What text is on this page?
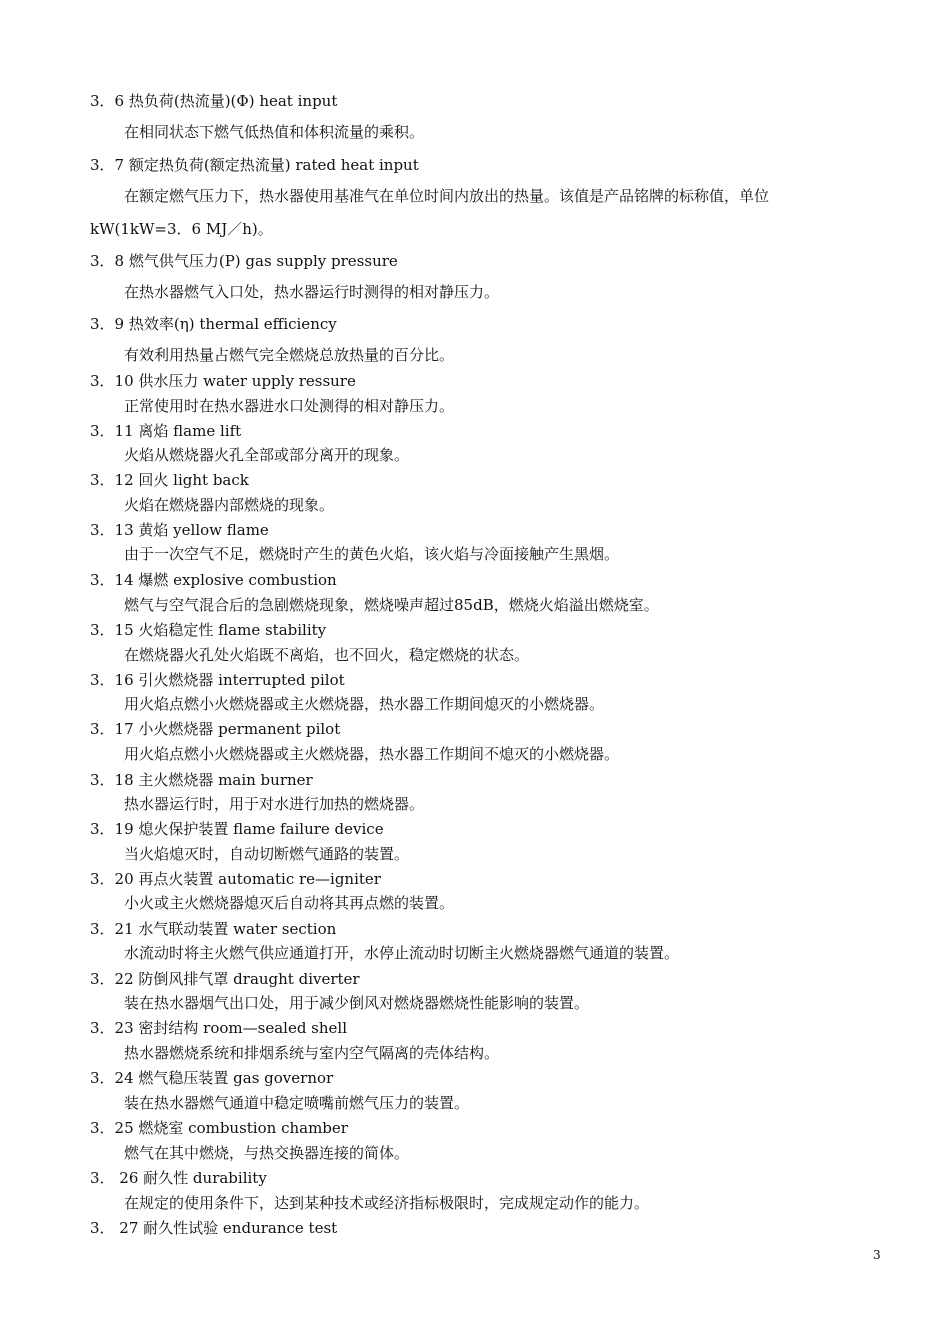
3．6 热负荷(热流量)(Φ) heat input
在相同状态下燃气低热值和体积流量的乘积。
3．7 额定热负荷(额定热流量) rated heat input
在额定燃气压力下，热水器使用基准气在单位时间内放出的热量。该值是产品铭牌的标称值，单位
kW(1kW=3．6 MJ／h)。
3．8 燃气供气压力(P) gas supply pressure
在热水器燃气入口处，热水器运行时测得的相对静压力。
3．9 热效率(η) thermal efficiency
有效利用热量占燃气完全燃烧总放热量的百分比。
3．10 供水压力 water upply ressure
正常使用时在热水器进水口处测得的相对静压力。
3．11 离焰 flame lift
火焰从燃烧器火孔全部或部分离开的现象。
3．12 回火 light back
火焰在燃烧器内部燃烧的现象。
3．13 黄焰 yellow flame
由于一次空气不足，燃烧时产生的黄色火焰，该火焰与冷面接触产生黑烟。
3．14 爆燃 explosive combustion
燃气与空气混合后的急剧燃烧现象，燃烧噪声超过85dB，燃烧火焰溢出燃烧室。
3．15 火焰稳定性 flame stability
在燃烧器火孔处火焰既不离焰，也不回火，稳定燃烧的状态。
3．16 引火燃烧器 interrupted pilot
用火焰点燃小火燃烧器或主火燃烧器，热水器工作期间熄灭的小燃烧器。
3．17 小火燃烧器 permanent pilot
用火焰点燃小火燃烧器或主火燃烧器，热水器工作期间不熄灭的小燃烧器。
3．18 主火燃烧器 main burner
热水器运行时，用于对水进行加热的燃烧器。
3．19 熄火保护装置 flame failure device
当火焰熄灭时，自动切断燃气通路的装置。
3．20 再点火装置 automatic re—igniter
小火或主火燃烧器熄灭后自动将其再点燃的装置。
3．21 水气联动装置 water section
水流动时将主火燃气供应通道打开，水停止流动时切断主火燃烧器燃气通道的装置。
3．22 防倒风排气罩 draught diverter
装在热水器烟气出口处，用于减少倒风对燃烧器燃烧性能影响的装置。
3．23 密封结构 room—sealed shell
热水器燃烧系统和排烟系统与室内空气隔离的壳体结构。
3．24 燃气稳压装置 gas governor
装在热水器燃气通道中稳定喷嘴前燃气压力的装置。
3．25 燃烧室 combustion chamber
燃气在其中燃烧，与热交换器连接的简体。
3． 26 耐久性 durability
在规定的使用条件下，达到某种技术或经济指标极限时，完成规定动作的能力。
3． 27 耐久性试验 endurance test
3
